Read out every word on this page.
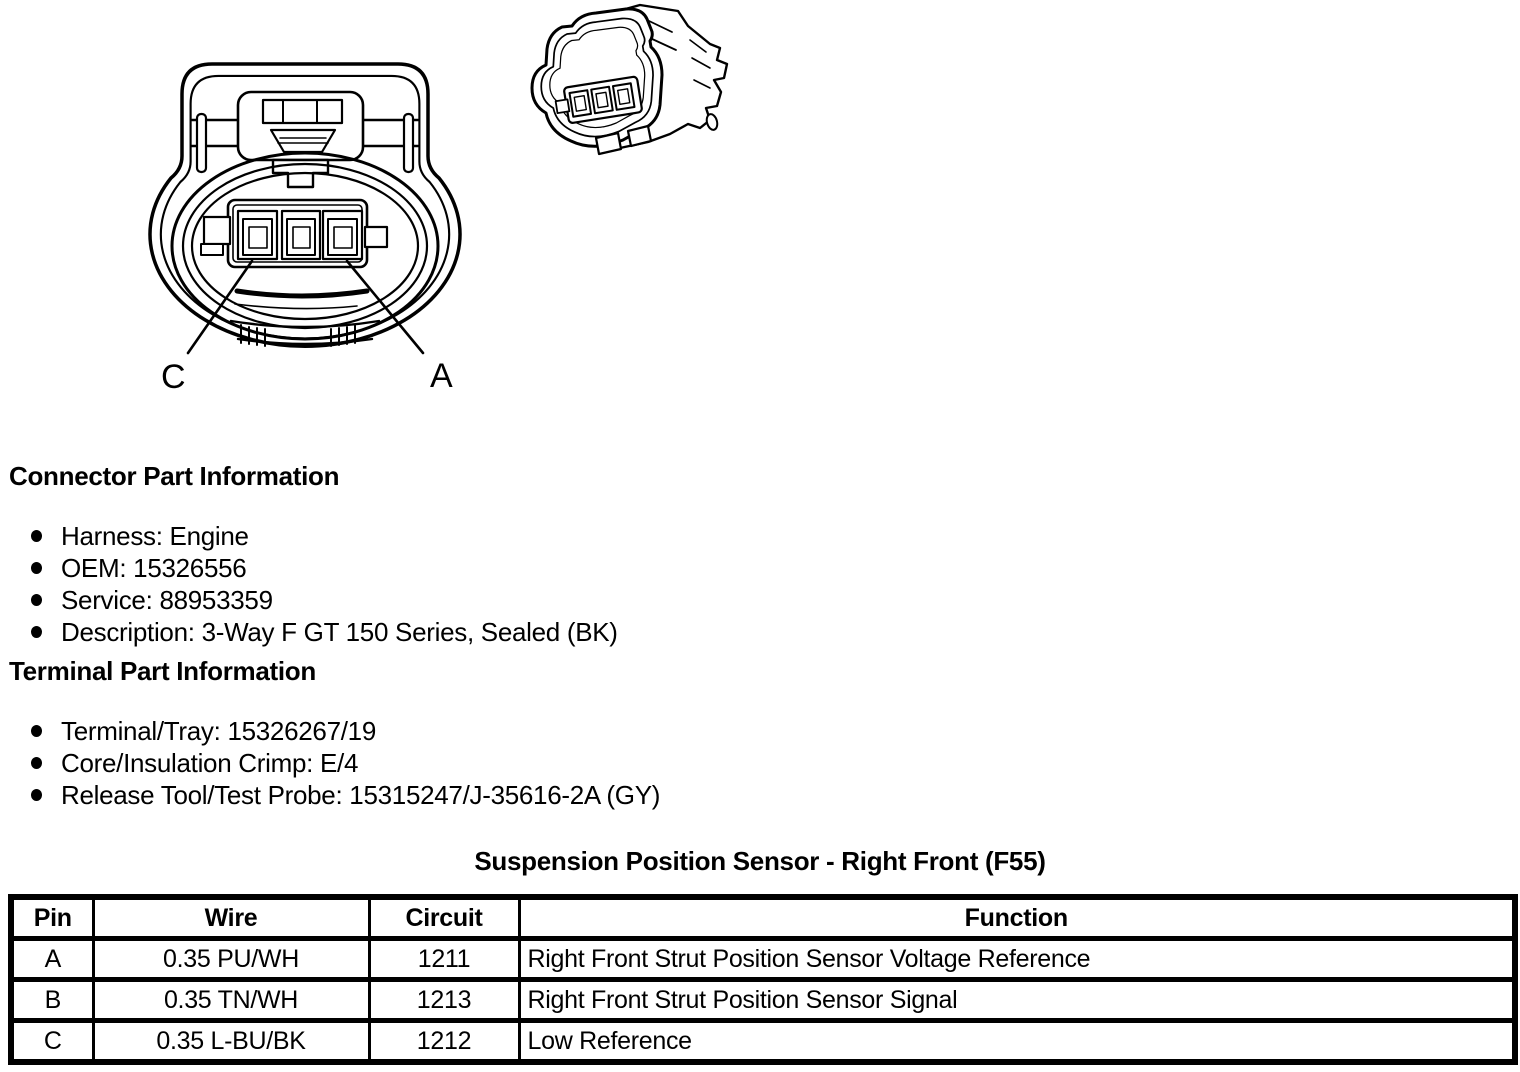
C	A
Connector Part Information
Harness: Engine
OEM: 15326556
Service: 88953359
Description: 3-Way F GT 150 Series, Sealed (BK)
Terminal Part Information
Terminal/Tray: 15326267/19
Core/Insulation Crimp: E/4
Release Tool/Test Probe: 15315247/J-35616-2A (GY)
Suspension Position Sensor - Right Front (F55)
Pin	Wire	Circuit	Function
A	0.35 PU/WH	1211	Right Front Strut Position Sensor Voltage Reference
B	0.35 TN/WH	1213	Right Front Strut Position Sensor Signal
C	0.35 L-BU/BK	1212	Low Reference
